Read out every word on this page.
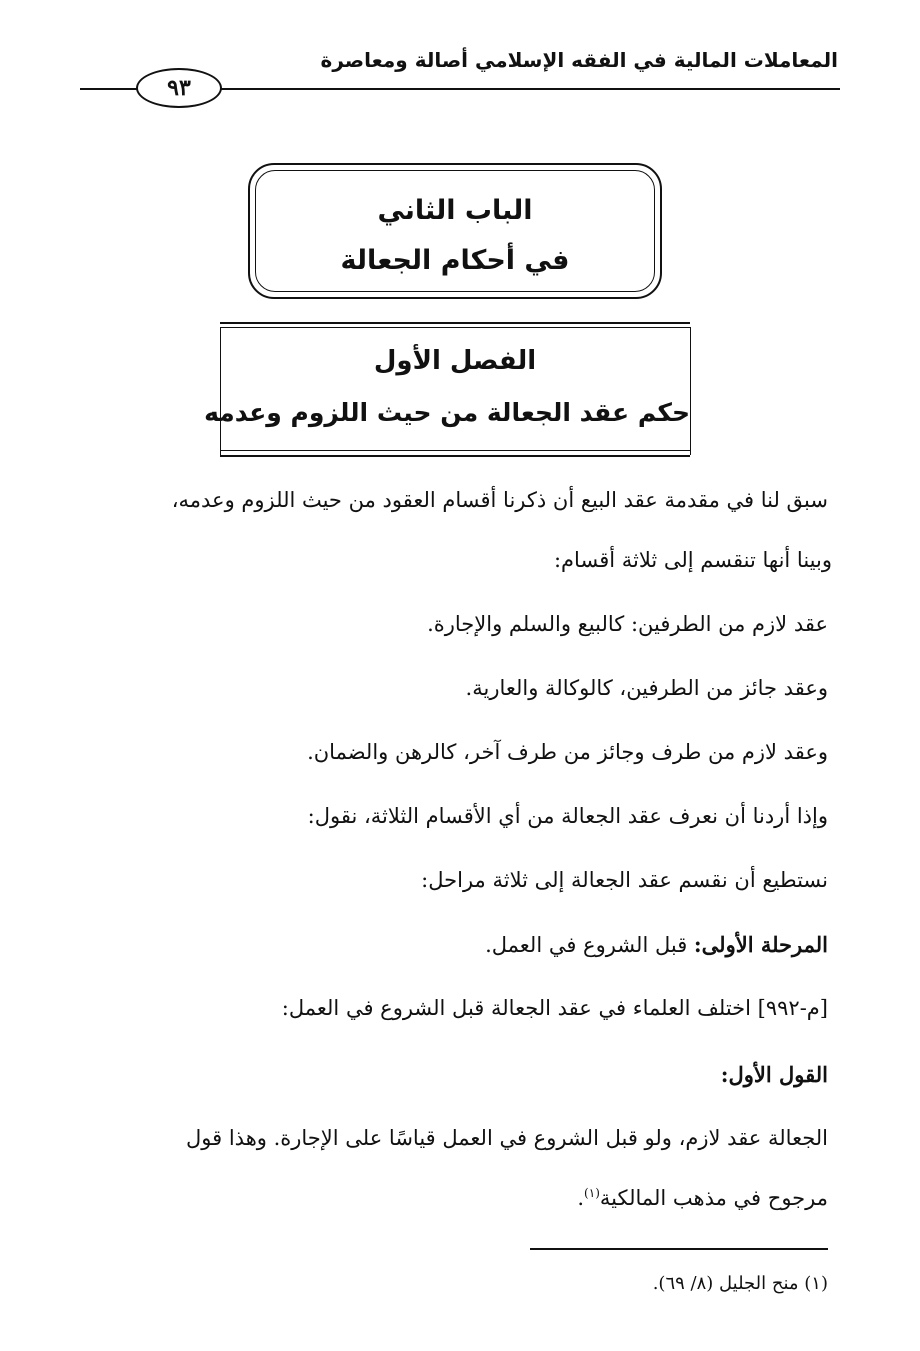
المعاملات المالية في الفقه الإسلامي أصالة ومعاصرة
٩٣
الباب الثاني
في أحكام الجعالة
الفصل الأول
حكم عقد الجعالة من حيث اللزوم وعدمه
سبق لنا في مقدمة عقد البيع أن ذكرنا أقسام العقود من حيث اللزوم وعدمه،
وبينا أنها تنقسم إلى ثلاثة أقسام:
عقد لازم من الطرفين: كالبيع والسلم والإجارة.
وعقد جائز من الطرفين، كالوكالة والعارية.
وعقد لازم من طرف وجائز من طرف آخر، كالرهن والضمان.
وإذا أردنا أن نعرف عقد الجعالة من أي الأقسام الثلاثة، نقول:
نستطيع أن نقسم عقد الجعالة إلى ثلاثة مراحل:
المرحلة الأولى: قبل الشروع في العمل.
[م-٩٩٢] اختلف العلماء في عقد الجعالة قبل الشروع في العمل:
القول الأول:
الجعالة عقد لازم، ولو قبل الشروع في العمل قياسًا على الإجارة. وهذا قول
مرجوح في مذهب المالكية$^{(١)}$.
(١) منح الجليل (٨/ ٦٩).
